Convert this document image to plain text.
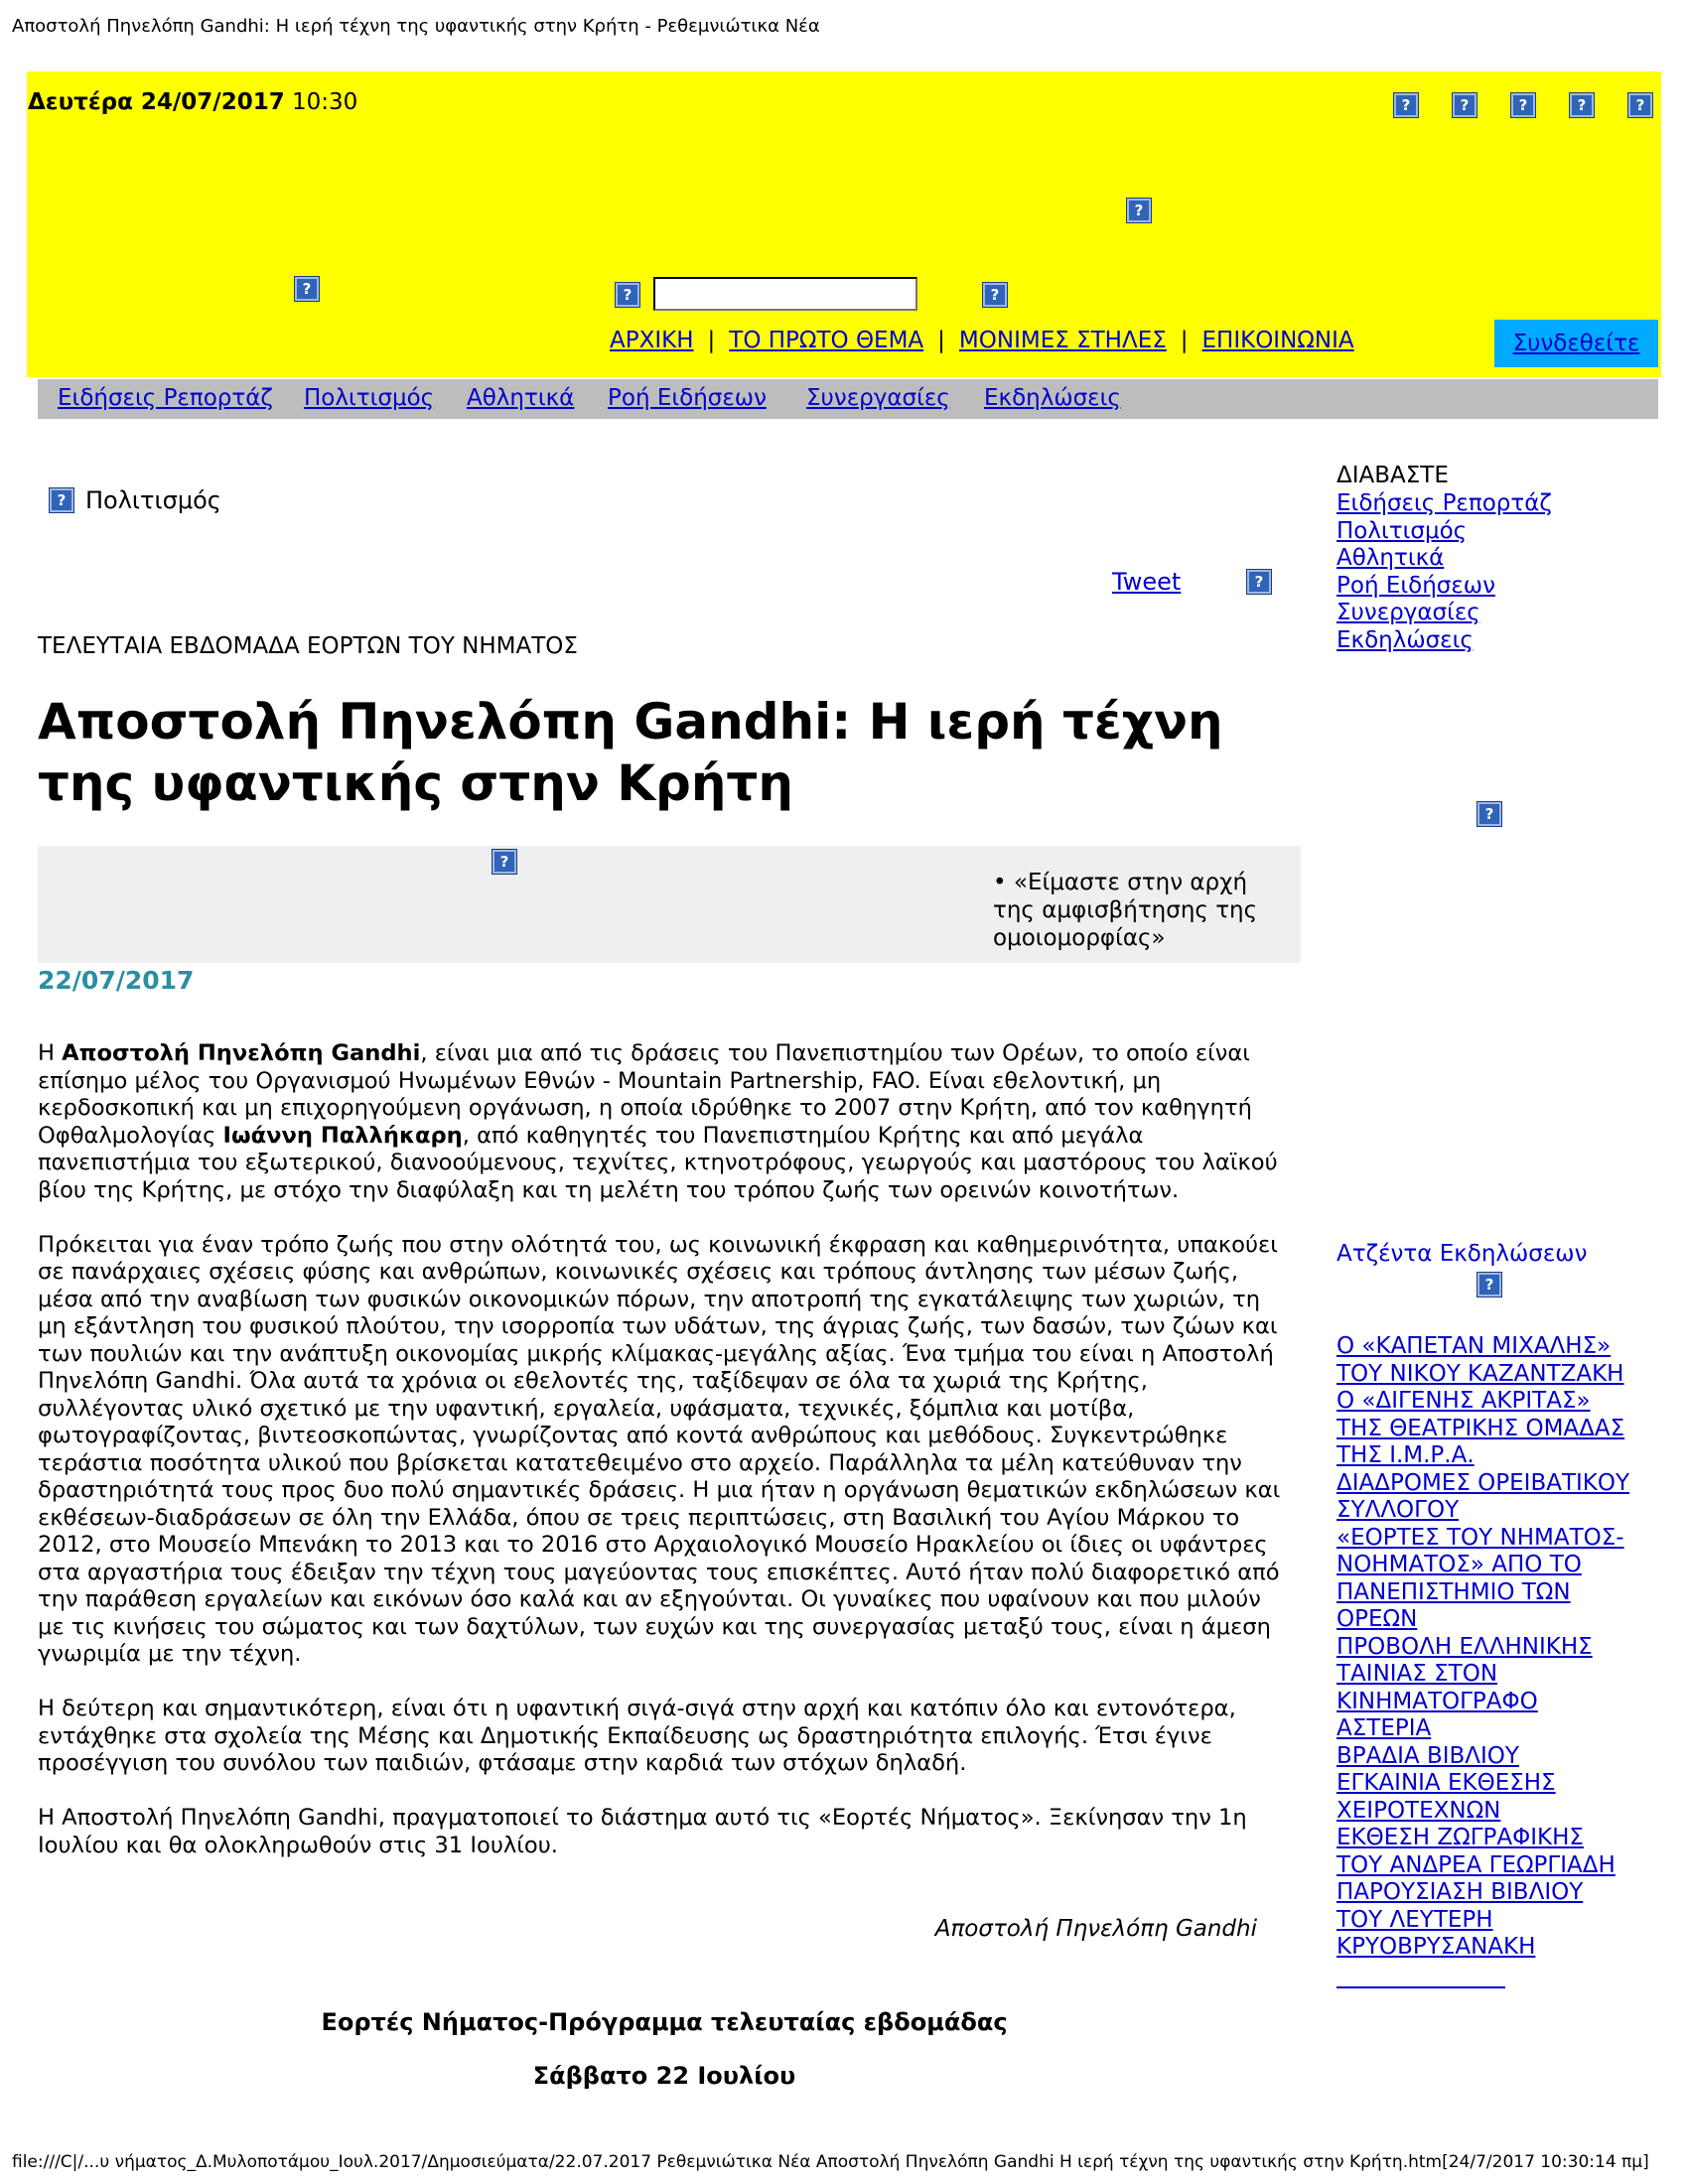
Αποστολή Πηνελόπη Gandhi: Η ιερή τέχνη της υφαντικής στην Κρήτη - Ρεθεμνιώτικα Νέα
Δευτέρα 24/07/2017 10:30	?	?	?	?	?
?
?	?	?
ΑΡΧΙΚΗ | ΤΟ ΠΡΩΤΟ ΘΕΜΑ | ΜΟΝΙΜΕΣ ΣΤΗΛΕΣ | ΕΠΙΚΟΙΝΩΝΙΑ	Συνδεθείτε
Ειδήσεις Ρεπορτάζ Πολιτισμός Αθλητικά Ροή Ειδήσεων Συνεργασίες Εκδηλώσεις
? Πολιτισμός
Tweet	?
ΤΕΛΕΥΤΑΙΑ ΕΒΔΟΜΑΔΑ ΕΟΡΤΩΝ ΤΟΥ ΝΗΜΑΤΟΣ
Αποστολή Πηνελόπη Gandhi: Η ιερή τέχνη της υφαντικής στην Κρήτη
?
• «Είμαστε στην αρχή της αμφισβήτησης της ομοιομορφίας»
22/07/2017

Η Αποστολή Πηνελόπη Gandhi, είναι μια από τις δράσεις του Πανεπιστημίου των Ορέων, το οποίο είναι επίσημο μέλος του Οργανισμού Ηνωμένων Εθνών - Mountain Partnership, FAO. Είναι εθελοντική, μη κερδοσκοπική και μη επιχορηγούμενη οργάνωση, η οποία ιδρύθηκε το 2007 στην Κρήτη, από τον καθηγητή Οφθαλμολογίας Ιωάννη Παλλήκαρη, από καθηγητές του Πανεπιστημίου Κρήτης και από μεγάλα πανεπιστήμια του εξωτερικού, διανοούμενους, τεχνίτες, κτηνοτρόφους, γεωργούς και μαστόρους του λαϊκού βίου της Κρήτης, με στόχο την διαφύλαξη και τη μελέτη του τρόπου ζωής των ορεινών κοινοτήτων.

Πρόκειται για έναν τρόπο ζωής που στην ολότητά του, ως κοινωνική έκφραση και καθημερινότητα, υπακούει σε πανάρχαιες σχέσεις φύσης και ανθρώπων, κοινωνικές σχέσεις και τρόπους άντλησης των μέσων ζωής, μέσα από την αναβίωση των φυσικών οικονομικών πόρων, την αποτροπή της εγκατάλειψης των χωριών, τη μη εξάντληση του φυσικού πλούτου, την ισορροπία των υδάτων, της άγριας ζωής, των δασών, των ζώων και των πουλιών και την ανάπτυξη οικονομίας μικρής κλίμακας-μεγάλης αξίας. Ένα τμήμα του είναι η Αποστολή Πηνελόπη Gandhi. Όλα αυτά τα χρόνια οι εθελοντές της, ταξίδεψαν σε όλα τα χωριά της Κρήτης, συλλέγοντας υλικό σχετικό με την υφαντική, εργαλεία, υφάσματα, τεχνικές, ξόμπλια και μοτίβα, φωτογραφίζοντας, βιντεοσκοπώντας, γνωρίζοντας από κοντά ανθρώπους και μεθόδους. Συγκεντρώθηκε τεράστια ποσότητα υλικού που βρίσκεται κατατεθειμένο στο αρχείο. Παράλληλα τα μέλη κατεύθυναν την δραστηριότητά τους προς δυο πολύ σημαντικές δράσεις. Η μια ήταν η οργάνωση θεματικών εκδηλώσεων και εκθέσεων-διαδράσεων σε όλη την Ελλάδα, όπου σε τρεις περιπτώσεις, στη Βασιλική του Αγίου Μάρκου το 2012, στο Μουσείο Μπενάκη το 2013 και το 2016 στο Αρχαιολογικό Μουσείο Ηρακλείου οι ίδιες οι υφάντρες στα αργαστήρια τους έδειξαν την τέχνη τους μαγεύοντας τους επισκέπτες. Αυτό ήταν πολύ διαφορετικό από την παράθεση εργαλείων και εικόνων όσο καλά και αν εξηγούνται. Οι γυναίκες που υφαίνουν και που μιλούν με τις κινήσεις του σώματος και των δαχτύλων, των ευχών και της συνεργασίας μεταξύ τους, είναι η άμεση γνωριμία με την τέχνη.

Η δεύτερη και σημαντικότερη, είναι ότι η υφαντική σιγά-σιγά στην αρχή και κατόπιν όλο και εντονότερα, εντάχθηκε στα σχολεία της Μέσης και Δημοτικής Εκπαίδευσης ως δραστηριότητα επιλογής. Έτσι έγινε προσέγγιση του συνόλου των παιδιών, φτάσαμε στην καρδιά των στόχων δηλαδή.

Η Αποστολή Πηνελόπη Gandhi, πραγματοποιεί το διάστημα αυτό τις «Εορτές Νήματος». Ξεκίνησαν την 1η Ιουλίου και θα ολοκληρωθούν στις 31 Ιουλίου.

Αποστολή Πηνελόπη Gandhi
Εορτές Νήματος-Πρόγραμμα τελευταίας εβδομάδας
Σάββατο 22 Ιουλίου
ΔΙΑΒΑΣΤΕ
Ειδήσεις Ρεπορτάζ
Πολιτισμός
Αθλητικά
Ροή Ειδήσεων
Συνεργασίες
Εκδηλώσεις
?
Ατζέντα Εκδηλώσεων
?
Ο «ΚΑΠΕΤΑΝ ΜΙΧΑΛΗΣ» ΤΟΥ ΝΙΚΟΥ ΚΑΖΑΝΤΖΑΚΗ
Ο «ΔΙΓΕΝΗΣ ΑΚΡΙΤΑΣ» ΤΗΣ ΘΕΑΤΡΙΚΗΣ ΟΜΑΔΑΣ ΤΗΣ Ι.Μ.Ρ.Α.
ΔΙΑΔΡΟΜΕΣ ΟΡΕΙΒΑΤΙΚΟΥ ΣΥΛΛΟΓΟΥ
«ΕΟΡΤΕΣ ΤΟΥ ΝΗΜΑΤΟΣ-ΝΟΗΜΑΤΟΣ» ΑΠΟ ΤΟ ΠΑΝΕΠΙΣΤΗΜΙΟ ΤΩΝ ΟΡΕΩΝ
ΠΡΟΒΟΛΗ ΕΛΛΗΝΙΚΗΣ ΤΑΙΝΙΑΣ ΣΤΟΝ ΚΙΝΗΜΑΤΟΓΡΑΦΟ ΑΣΤΕΡΙΑ
ΒΡΑΔΙΑ ΒΙΒΛΙΟΥ
ΕΓΚΑΙΝΙΑ ΕΚΘΕΣΗΣ ΧΕΙΡΟΤΕΧΝΩΝ
ΕΚΘΕΣΗ ΖΩΓΡΑΦΙΚΗΣ ΤΟΥ ΑΝΔΡΕΑ ΓΕΩΡΓΙΑΔΗ
ΠΑΡΟΥΣΙΑΣΗ ΒΙΒΛΙΟΥ ΤΟΥ ΛΕΥΤΕΡΗ ΚΡΥΟΒΡΥΣΑΝΑΚΗ
file:///C|/...υ νήματος_Δ.Μυλοποτάμου_Ιουλ.2017/Δημοσιεύματα/22.07.2017 Ρεθεμνιώτικα Νέα Αποστολή Πηνελόπη Gandhi Η ιερή τέχνη της υφαντικής στην Κρήτη.htm[24/7/2017 10:30:14 πμ]
